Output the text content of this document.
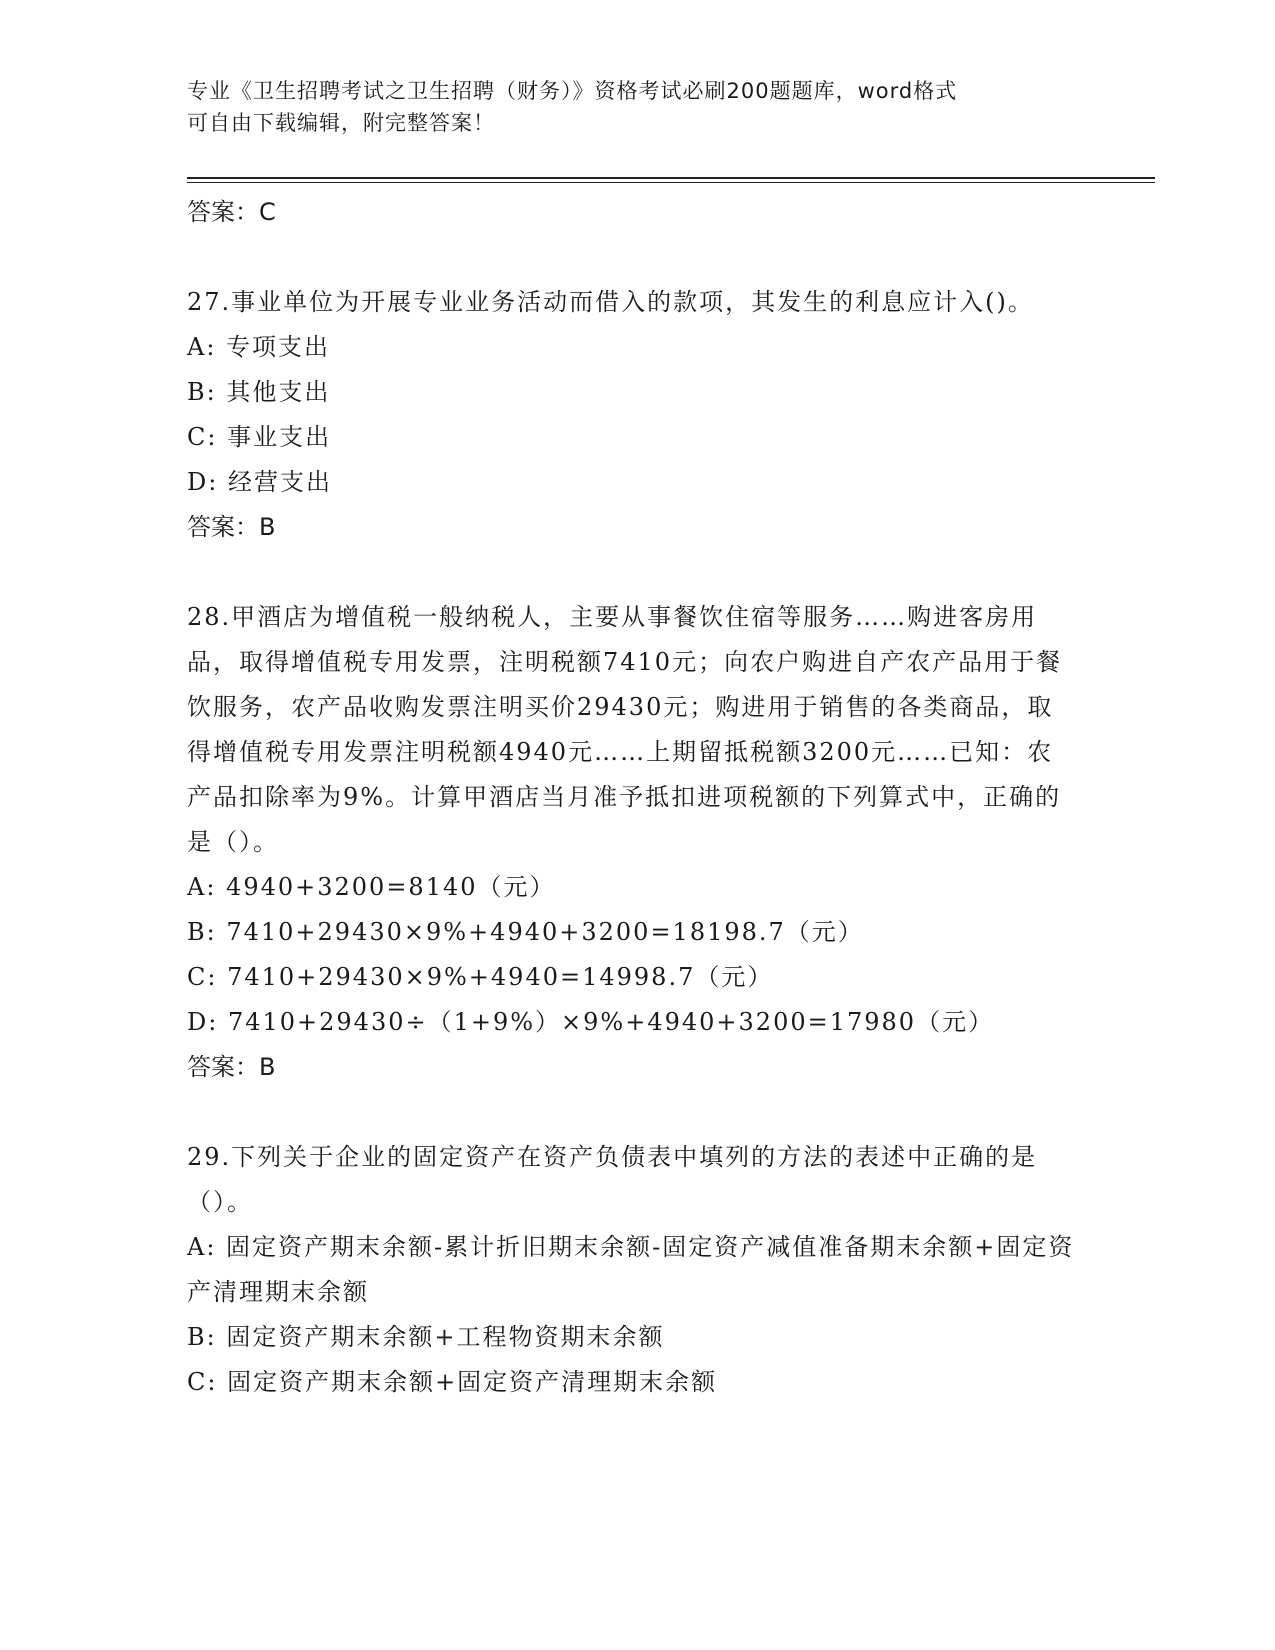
专业《卫生招聘考试之卫生招聘（财务）》资格考试必刷200题题库，word格式
可自由下载编辑，附完整答案！
答案：C

27.事业单位为开展专业业务活动而借入的款项，其发生的利息应计入()。

A: 专项支出

B: 其他支出

C: 事业支出

D: 经营支出

答案：B

28.甲酒店为增值税一般纳税人，主要从事餐饮住宿等服务……购进客房用品，取得增值税专用发票，注明税额7410元；向农户购进自产农产品用于餐饮服务，农产品收购发票注明买价29430元；购进用于销售的各类商品，取得增值税专用发票注明税额4940元……上期留抵税额3200元……已知：农产品扣除率为9%。计算甲酒店当月准予抵扣进项税额的下列算式中，正确的是（）。

A: 4940+3200=8140（元）

B: 7410+29430×9%+4940+3200=18198.7（元）

C: 7410+29430×9%+4940=14998.7（元）

D: 7410+29430÷（1+9%）×9%+4940+3200=17980（元）

答案：B

29.下列关于企业的固定资产在资产负债表中填列的方法的表述中正确的是（）。

A: 固定资产期末余额-累计折旧期末余额-固定资产减值准备期末余额+固定资产清理期末余额

B: 固定资产期末余额+工程物资期末余额

C: 固定资产期末余额+固定资产清理期末余额
